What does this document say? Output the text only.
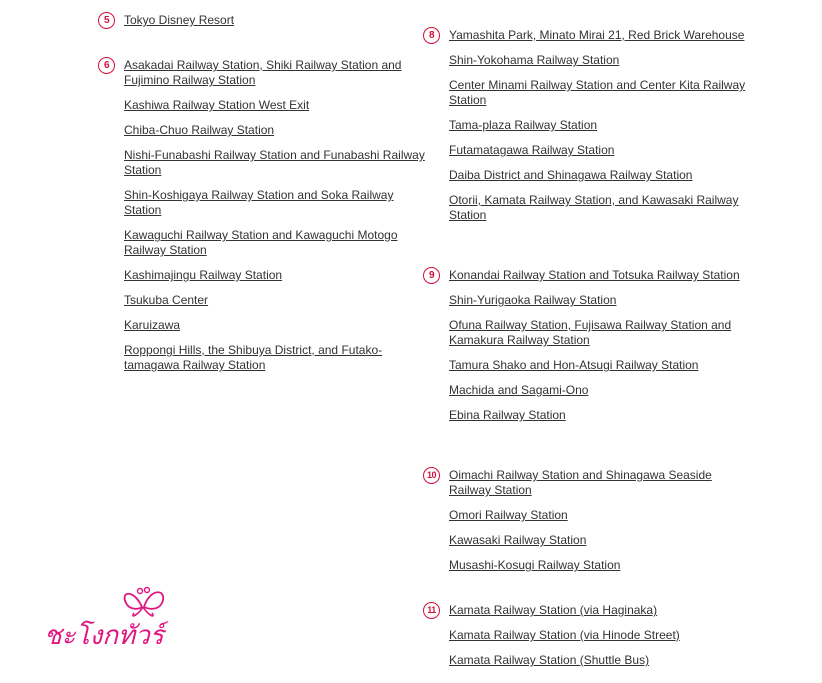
5	Tokyo Disney Resort
6	Asakadai Railway Station, Shiki Railway Station and Fujimino Railway Station
Kashiwa Railway Station West Exit
Chiba-Chuo Railway Station
Nishi-Funabashi Railway Station and Funabashi Railway Station
Shin-Koshigaya Railway Station and Soka Railway Station
Kawaguchi Railway Station and Kawaguchi Motogo Railway Station
Kashimajingu Railway Station
Tsukuba Center
Karuizawa
Roppongi Hills, the Shibuya District, and Futako-tamagawa Railway Station
8	Yamashita Park, Minato Mirai 21, Red Brick Warehouse
Shin-Yokohama Railway Station
Center Minami Railway Station and Center Kita Railway Station
Tama-plaza Railway Station
Futamatagawa Railway Station
Daiba District and Shinagawa Railway Station
Otorii, Kamata Railway Station, and Kawasaki Railway Station
9	Konandai Railway Station and Totsuka Railway Station
Shin-Yurigaoka Railway Station
Ofuna Railway Station, Fujisawa Railway Station and Kamakura Railway Station
Tamura Shako and Hon-Atsugi Railway Station
Machida and Sagami-Ono
Ebina Railway Station
10	Oimachi Railway Station and Shinagawa Seaside Railway Station
Omori Railway Station
Kawasaki Railway Station
Musashi-Kosugi Railway Station
11	Kamata Railway Station (via Haginaka)
Kamata Railway Station (via Hinode Street)
Kamata Railway Station (Shuttle Bus)
ชะโงกทัวร์
